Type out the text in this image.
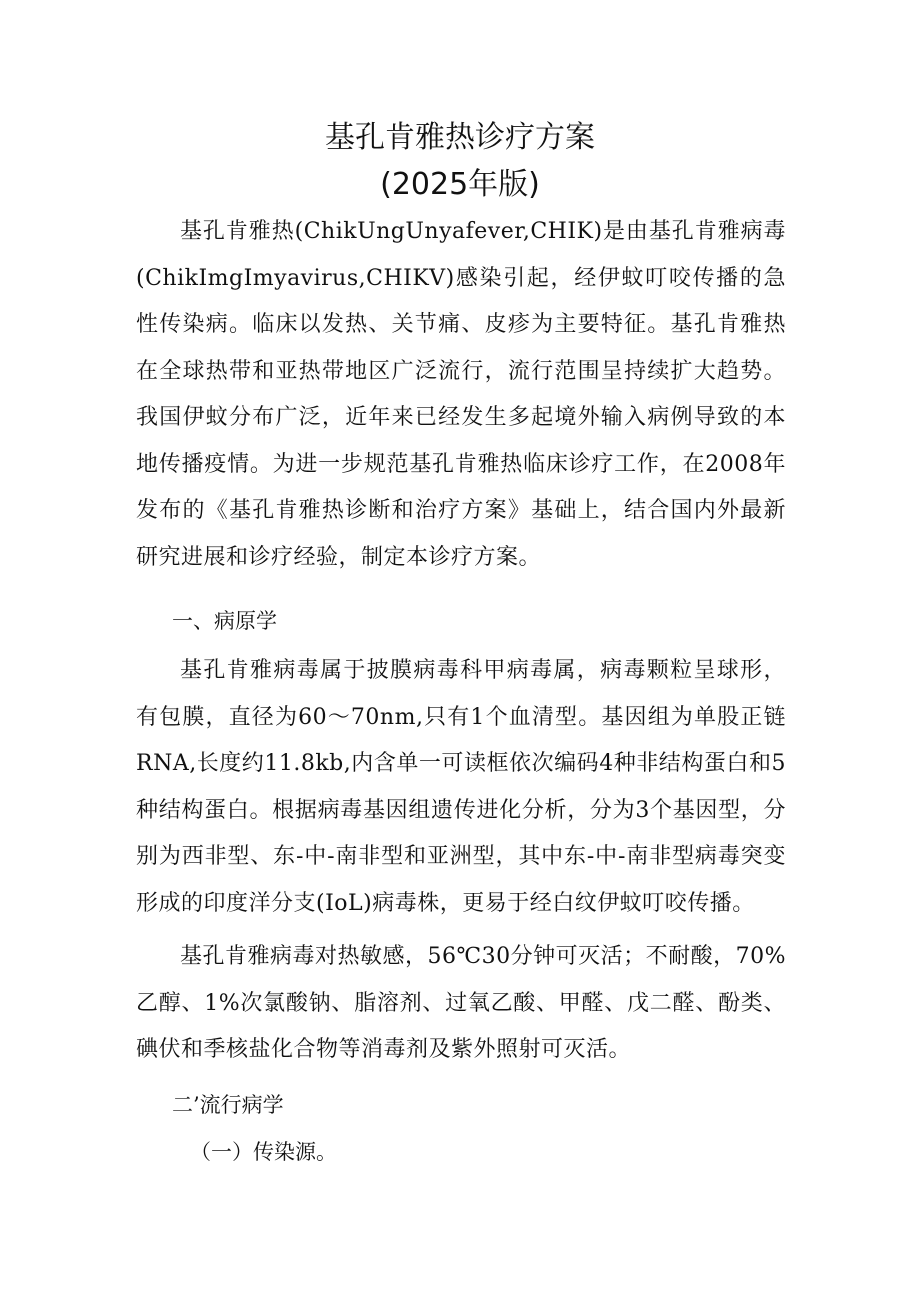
基孔肯雅热诊疗方案
(2025年版)

基孔肯雅热(ChikUngUnyafever,CHIK)是由基孔肯雅病毒(ChikImgImyavirus,CHIKV)感染引起，经伊蚊叮咬传播的急性传染病。临床以发热、关节痛、皮疹为主要特征。基孔肯雅热在全球热带和亚热带地区广泛流行，流行范围呈持续扩大趋势。我国伊蚊分布广泛，近年来已经发生多起境外输入病例导致的本地传播疫情。为进一步规范基孔肯雅热临床诊疗工作，在2008年发布的《基孔肯雅热诊断和治疗方案》基础上，结合国内外最新研究进展和诊疗经验，制定本诊疗方案。

一、病原学

基孔肯雅病毒属于披膜病毒科甲病毒属，病毒颗粒呈球形，有包膜，直径为60～70nm,只有1个血清型。基因组为单股正链RNA,长度约11.8kb,内含单一可读框依次编码4种非结构蛋白和5种结构蛋白。根据病毒基因组遗传进化分析，分为3个基因型，分别为西非型、东-中-南非型和亚洲型，其中东-中-南非型病毒突变形成的印度洋分支(IoL)病毒株，更易于经白纹伊蚊叮咬传播。

基孔肯雅病毒对热敏感，56℃30分钟可灭活；不耐酸，70%乙醇、1%次氯酸钠、脂溶剂、过氧乙酸、甲醛、戊二醛、酚类、碘伏和季核盐化合物等消毒剂及紫外照射可灭活。

二’流行病学
（一）传染源。
